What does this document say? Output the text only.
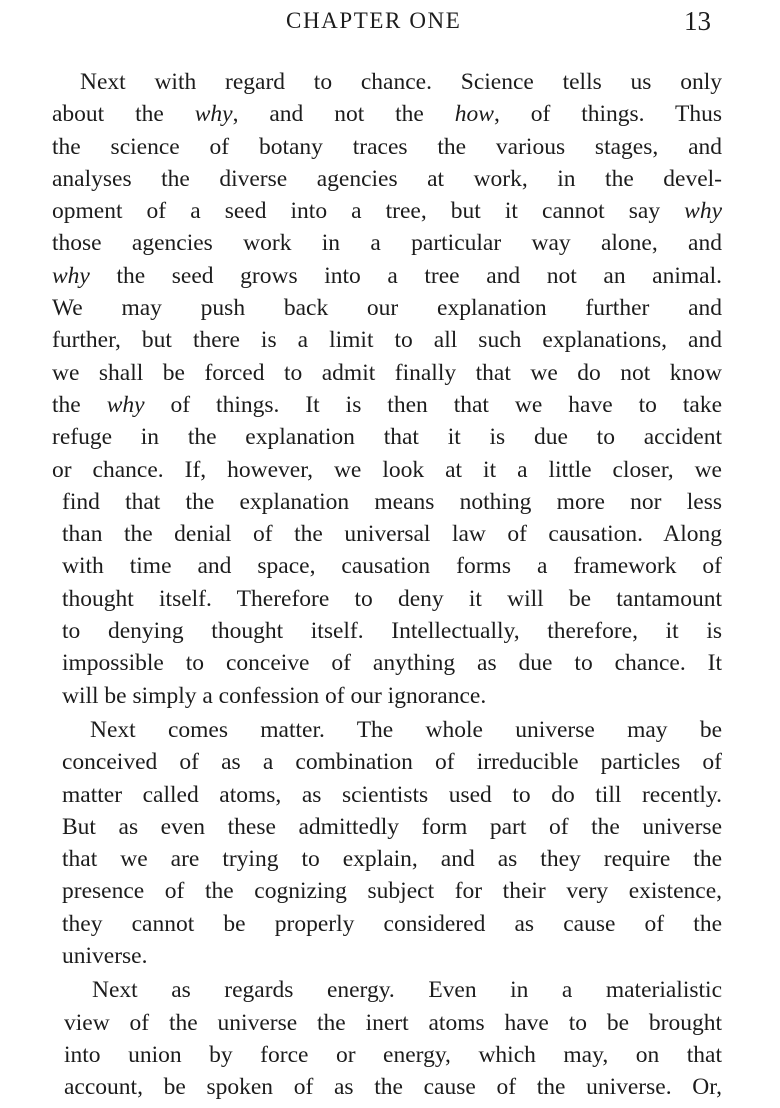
CHAPTER ONE	13

Next with regard to chance. Science tells us only
about the why, and not the how, of things. Thus
the science of botany traces the various stages, and
analyses the diverse agencies at work, in the devel-
opment of a seed into a tree, but it cannot say why
those agencies work in a particular way alone, and
why the seed grows into a tree and not an animal.
We may push back our explanation further and
further, but there is a limit to all such explanations, and
we shall be forced to admit finally that we do not know
the why of things. It is then that we have to take
refuge in the explanation that it is due to accident
or chance. If, however, we look at it a little closer, we
find that the explanation means nothing more nor less
than the denial of the universal law of causation. Along
with time and space, causation forms a framework of
thought itself. Therefore to deny it will be tantamount
to denying thought itself. Intellectually, therefore, it is
impossible to conceive of anything as due to chance. It
will be simply a confession of our ignorance.

Next comes matter. The whole universe may be
conceived of as a combination of irreducible particles of
matter called atoms, as scientists used to do till recently.
But as even these admittedly form part of the universe
that we are trying to explain, and as they require the
presence of the cognizing subject for their very existence,
they cannot be properly considered as cause of the
universe.

Next as regards energy. Even in a materialistic
view of the universe the inert atoms have to be brought
into union by force or energy, which may, on that
account, be spoken of as the cause of the universe. Or,
